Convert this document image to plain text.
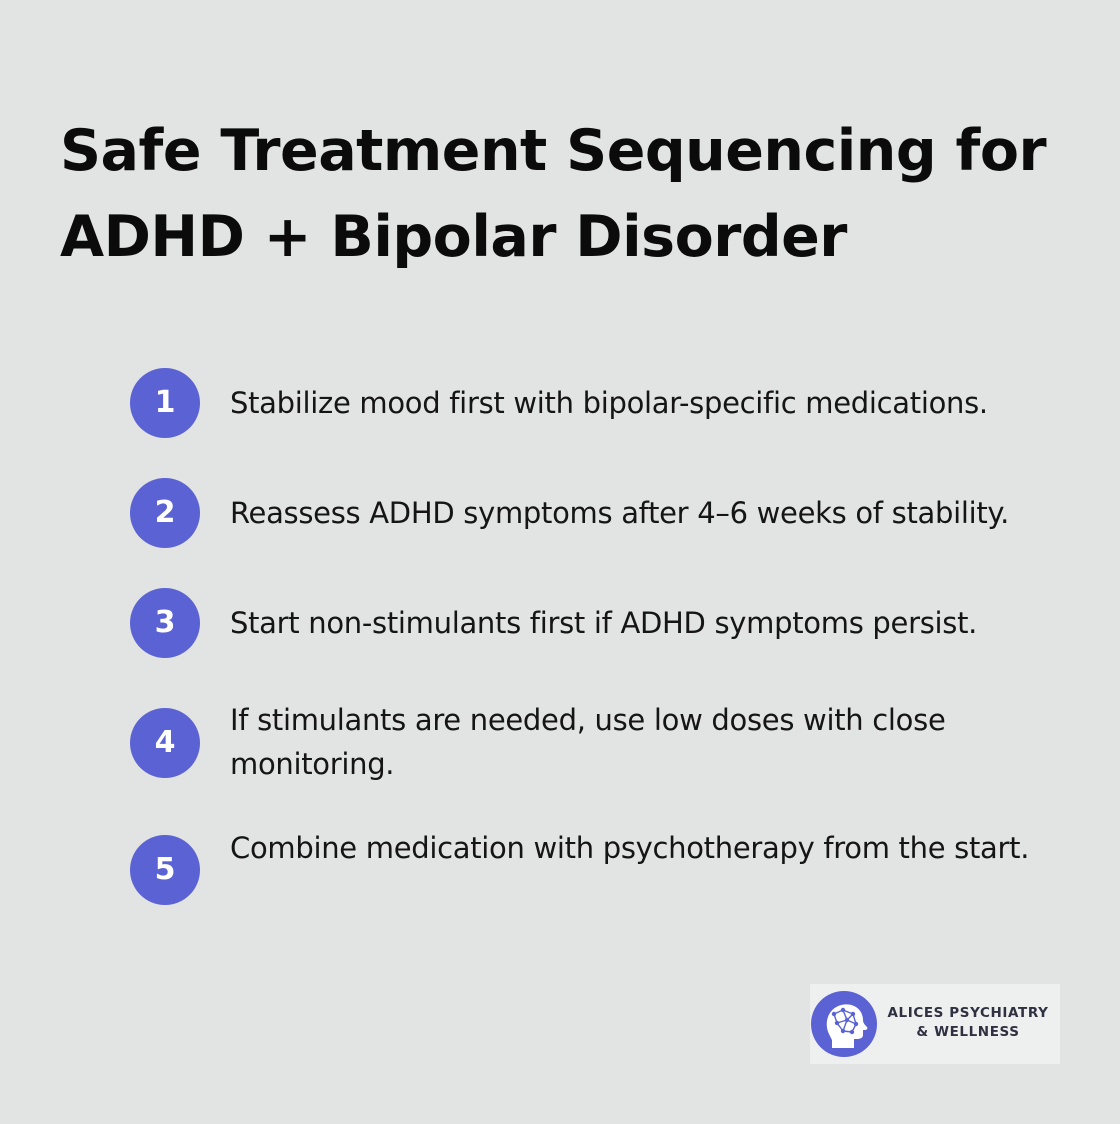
Safe Treatment Sequencing for ADHD + Bipolar Disorder
1	Stabilize mood first with bipolar-specific medications.

2	Reassess ADHD symptoms after 4–6 weeks of stability.

3	Start non-stimulants first if ADHD symptoms persist.

4

If stimulants are needed, use low doses with close monitoring.

5

Combine medication with psychotherapy from the start.

ALICES PSYCHIATRY
& WELLNESS
